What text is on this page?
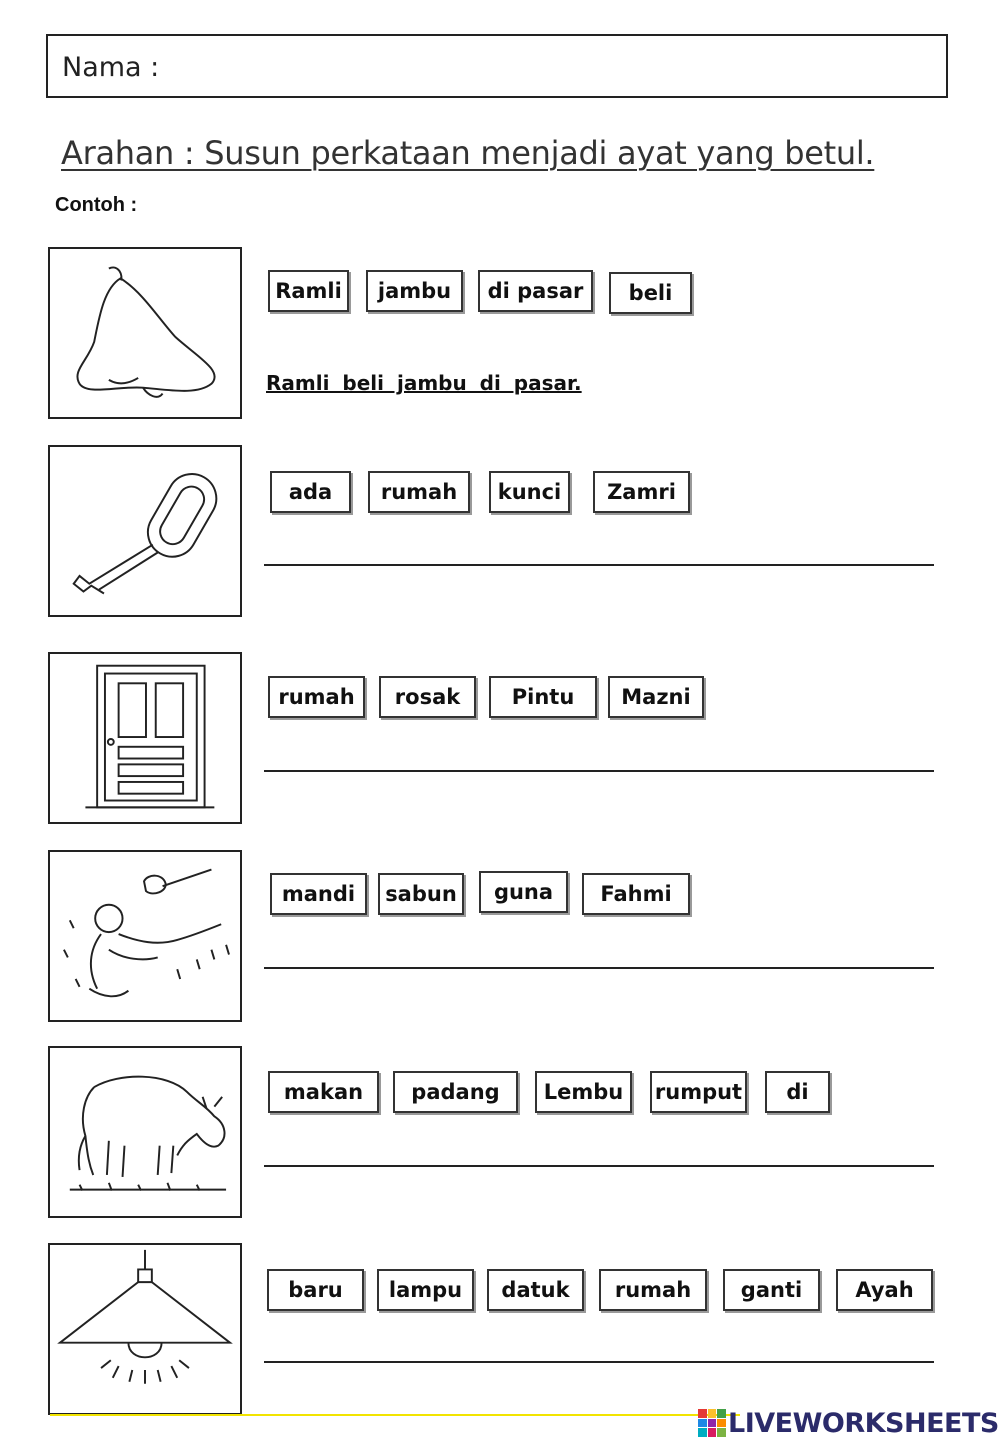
Nama :
Arahan : Susun perkataan menjadi ayat yang betul.
Contoh :
Ramli	jambu	di pasar	beli
Ramli beli jambu di pasar.
ada	rumah	kunci	Zamri
rumah	rosak	Pintu	Mazni
mandi	sabun	guna	Fahmi
makan	padang	Lembu	rumput	di
baru	lampu	datuk	rumah	ganti	Ayah
LIVEWORKSHEETS
